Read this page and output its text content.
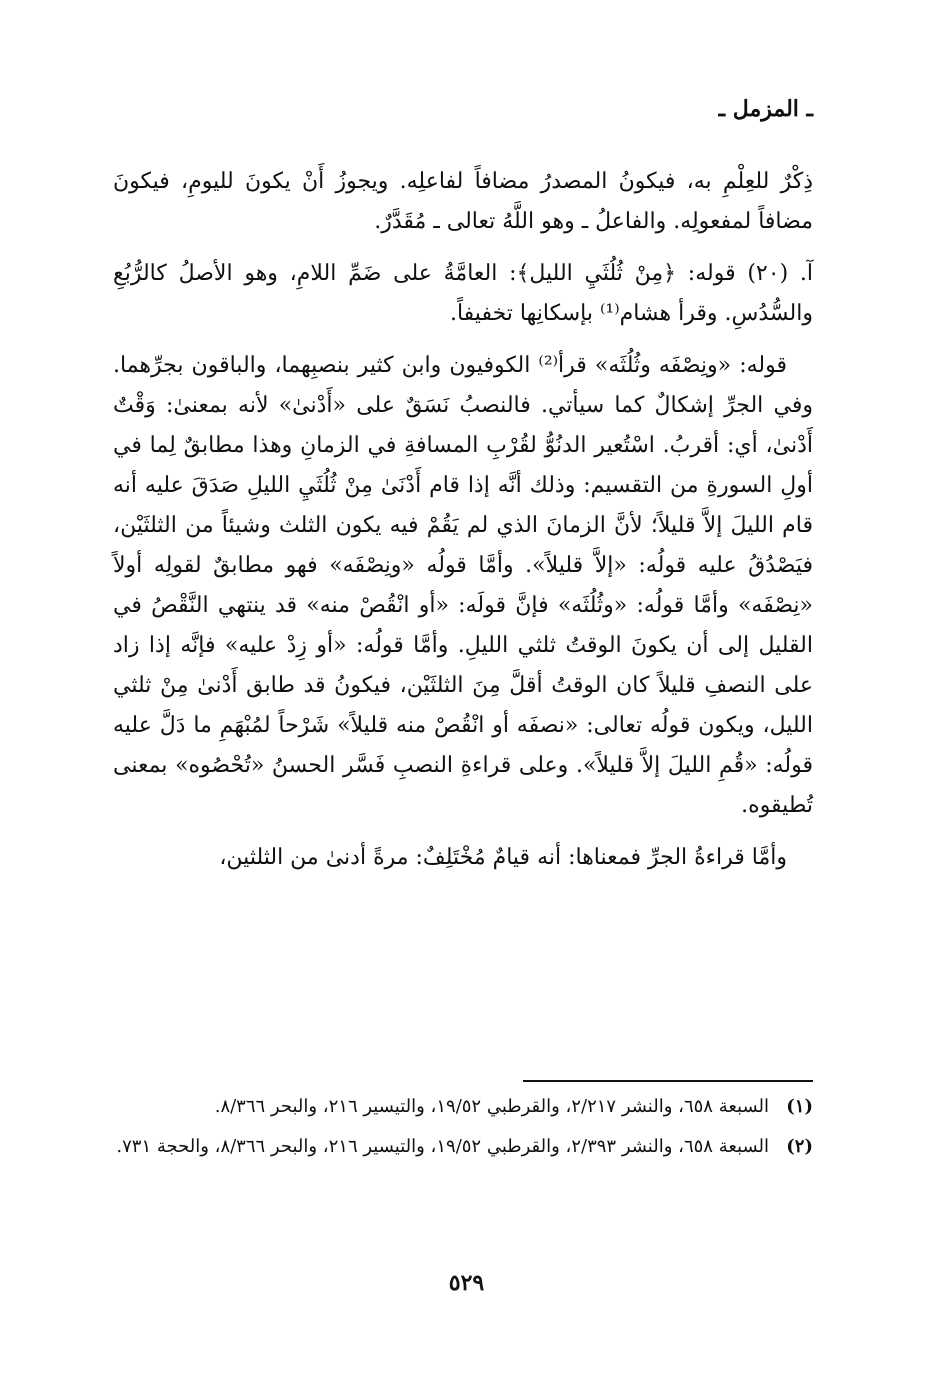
ـ المزمل ـ

ذِكْرٌ للعِلْمِ به، فيكونُ المصدرُ مضافاً لفاعلِه. ويجوزُ أَنْ يكونَ لليومِ، فيكونَ مضافاً لمفعولِه. والفاعلُ ـ وهو اللَّهُ تعالى ـ مُقَدَّرٌ.

آ. (٢٠) قوله: ﴿مِنْ ثُلُثَيِ الليل﴾: العامَّةُ على ضَمِّ اللامِ، وهو الأصلُ كالرُّبُعِ والسُّدُسِ. وقرأ هشام⁽¹⁾ بإسكانِها تخفيفاً.

قوله: «ونِصْفَه وثُلُثَه» قرأ⁽²⁾ الكوفيون وابن كثير بنصبِهما، والباقون بجرِّهما. وفي الجرِّ إشكالٌ كما سيأتي. فالنصبُ نَسَقٌ على «أَدْنىٰ» لأنه بمعنىٰ: وَقْتٌ أَدْنىٰ، أي: أقربُ. اسْتُعير الدنُوُّ لقُرْبِ المسافةِ في الزمانِ وهذا مطابقٌ لِما في أولِ السورةِ من التقسيم: وذلك أنَّه إذا قام أَدْنَىٰ مِنْ ثُلُثَيِ الليلِ صَدَقَ عليه أنه قام الليلَ إلاَّ قليلاً؛ لأنَّ الزمانَ الذي لم يَقُمْ فيه يكون الثلث وشيئاً من الثلثَيْن، فيَصْدُقُ عليه قولُه: «إلاَّ قليلاً». وأمَّا قولُه «ونِصْفَه» فهو مطابقٌ لقولِه أولاً «نِصْفَه» وأمَّا قولُه: «وثُلُثَه» فإنَّ قولَه: «أو انْقُصْ منه» قد ينتهي النَّقْصُ في القليل إلى أن يكونَ الوقتُ ثلثي الليلِ. وأمَّا قولُه: «أو زِدْ عليه» فإنَّه إذا زاد على النصفِ قليلاً كان الوقتُ أقلَّ مِنَ الثلثَيْن، فيكونُ قد طابق أَدْنىٰ مِنْ ثلثي الليل، ويكون قولُه تعالى: «نصفَه أو انْقُصْ منه قليلاً» شَرْحاً لمُبْهَمِ ما دَلَّ عليه قولُه: «قُمِ الليلَ إلاَّ قليلاً». وعلى قراءةِ النصبِ فَسَّر الحسنُ «تُحْصُوه» بمعنى تُطيقوه.

وأمَّا قراءةُ الجرِّ فمعناها: أنه قيامٌ مُخْتَلِفٌ: مرةً أدنىٰ من الثلثين،

(١)
السبعة ٦٥٨، والنشر ٢/٢١٧، والقرطبي ١٩/٥٢، والتيسير ٢١٦، والبحر ٨/٣٦٦.
(٢)
السبعة ٦٥٨، والنشر ٢/٣٩٣، والقرطبي ١٩/٥٢، والتيسير ٢١٦، والبحر ٨/٣٦٦، والحجة ٧٣١.
٥٢٩
